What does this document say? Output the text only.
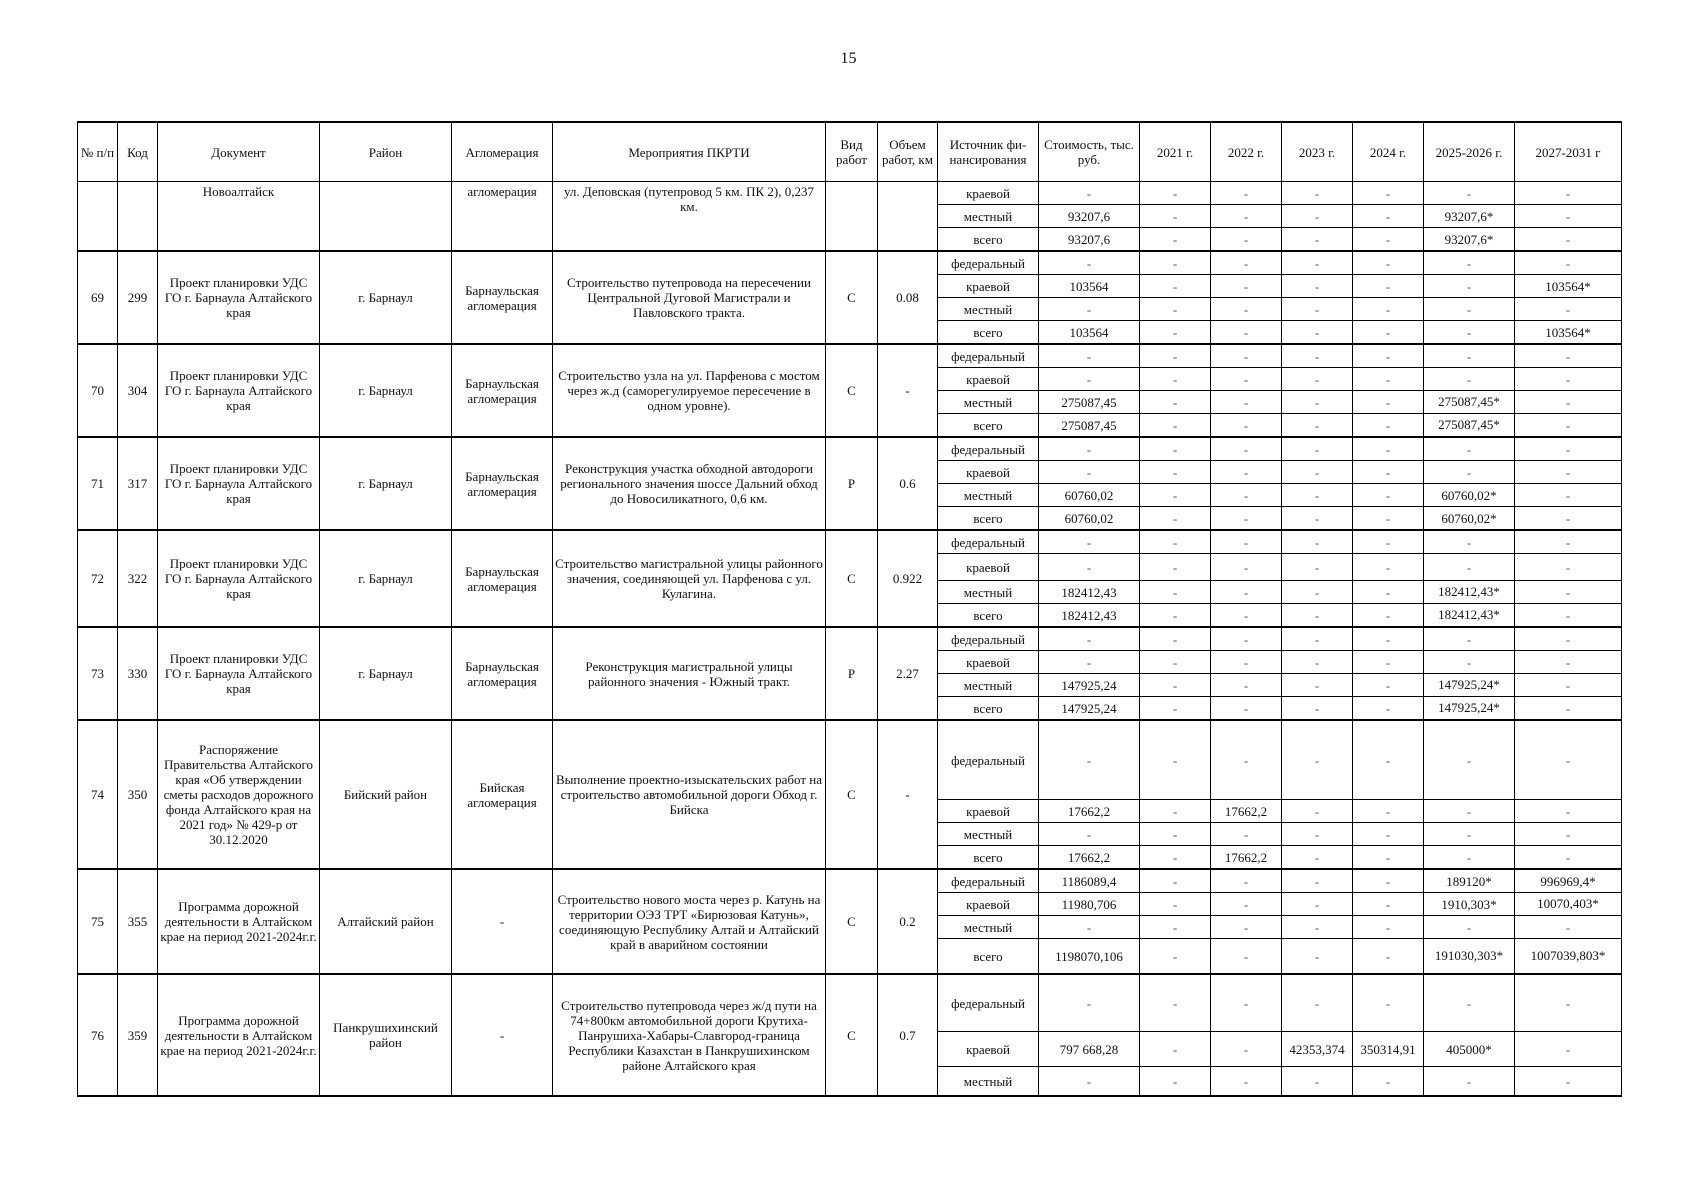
15
№ п/п	Код	Документ	Район	Агломерация	Мероприятия ПКРТИ	Вид работ	Объем работ, км	Источник фи-нансирования	Стоимость, тыс. руб.	2021 г.	2022 г.	2023 г.	2024 г.	2025-2026 г.	2027-2031 г
		Новоалтайск		агломерация	ул. Деповская (путепровод 5 км. ПК 2), 0,237 км.			краевой	-	-	-	-	-	-	-
								местный	93207,6	-	-	-	-	93207,6*	-
								всего	93207,6	-	-	-	-	93207,6*	-
69	299	Проект планировки УДС ГО г. Барнаула Алтайского края	г. Барнаул	Барнаульская агломерация	Строительство путепровода на пересечении Центральной Дуговой Магистрали и Павловского тракта.	С	0.08	федеральный	-	-	-	-	-	-	-
								краевой	103564	-	-	-	-	-	103564*
								местный	-	-	-	-	-	-	-
								всего	103564	-	-	-	-	-	103564*
70	304	Проект планировки УДС ГО г. Барнаула Алтайского края	г. Барнаул	Барнаульская агломерация	Строительство узла на ул. Парфенова с мостом через ж.д (саморегулируемое пересечение в одном уровне).	С	-	федеральный	-	-	-	-	-	-	-
								краевой	-	-	-	-	-	-	-
								местный	275087,45	-	-	-	-	275087,45*	-
								всего	275087,45	-	-	-	-	275087,45*	-
71	317	Проект планировки УДС ГО г. Барнаула Алтайского края	г. Барнаул	Барнаульская агломерация	Реконструкция участка обходной автодороги регионального значения шоссе Дальний обход до Новосиликатного, 0,6 км.	Р	0.6	федеральный	-	-	-	-	-	-	-
								краевой	-	-	-	-	-	-	-
								местный	60760,02	-	-	-	-	60760,02*	-
								всего	60760,02	-	-	-	-	60760,02*	-
72	322	Проект планировки УДС ГО г. Барнаула Алтайского края	г. Барнаул	Барнаульская агломерация	Строительство магистральной улицы районного значения, соединяющей ул. Парфенова с ул. Кулагина.	С	0.922	федеральный	-	-	-	-	-	-	-
								краевой	-	-	-	-	-	-	-
								местный	182412,43	-	-	-	-	182412,43*	-
								всего	182412,43	-	-	-	-	182412,43*	-
73	330	Проект планировки УДС ГО г. Барнаула Алтайского края	г. Барнаул	Барнаульская агломерация	Реконструкция магистральной улицы районного значения - Южный тракт.	Р	2.27	федеральный	-	-	-	-	-	-	-
								краевой	-	-	-	-	-	-	-
								местный	147925,24	-	-	-	-	147925,24*	-
								всего	147925,24	-	-	-	-	147925,24*	-
74	350	Распоряжение Правительства Алтайского края «Об утверждении сметы расходов дорожного фонда Алтайского края на 2021 год» № 429-р от 30.12.2020	Бийский район	Бийская агломерация	Выполнение проектно-изыскательских работ на строительство автомобильной дороги Обход г. Бийска	С	-	федеральный	-	-	-	-	-	-	-
								краевой	17662,2	-	17662,2	-	-	-	-
								местный	-	-	-	-	-	-	-
								всего	17662,2	-	17662,2	-	-	-	-
75	355	Программа дорожной деятельности в Алтайском крае на период 2021-2024г.г.	Алтайский район	-	Строительство нового моста через р. Катунь на территории ОЭЗ ТРТ «Бирюзовая Катунь», соединяющую Республику Алтай и Алтайский край в аварийном состоянии	С	0.2	федеральный	1186089,4	-	-	-	-	189120*	996969,4*
								краевой	11980,706	-	-	-	-	1910,303*	10070,403*
								местный	-	-	-	-	-	-	-
								всего	1198070,106	-	-	-	-	191030,303*	1007039,803*
76	359	Программа дорожной деятельности в Алтайском крае на период 2021-2024г.г.	Панкрушихинский район	-	Строительство путепровода через ж/д пути на 74+800км автомобильной дороги Крутиха-Панрушиха-Хабары-Славгород-граница Республики Казахстан в Панкрушихинском районе Алтайского края	С	0.7	федеральный	-	-	-	-	-	-	-
								краевой	797 668,28	-	-	42353,374	350314,91	405000*	-
								местный	-	-	-	-	-	-	-
